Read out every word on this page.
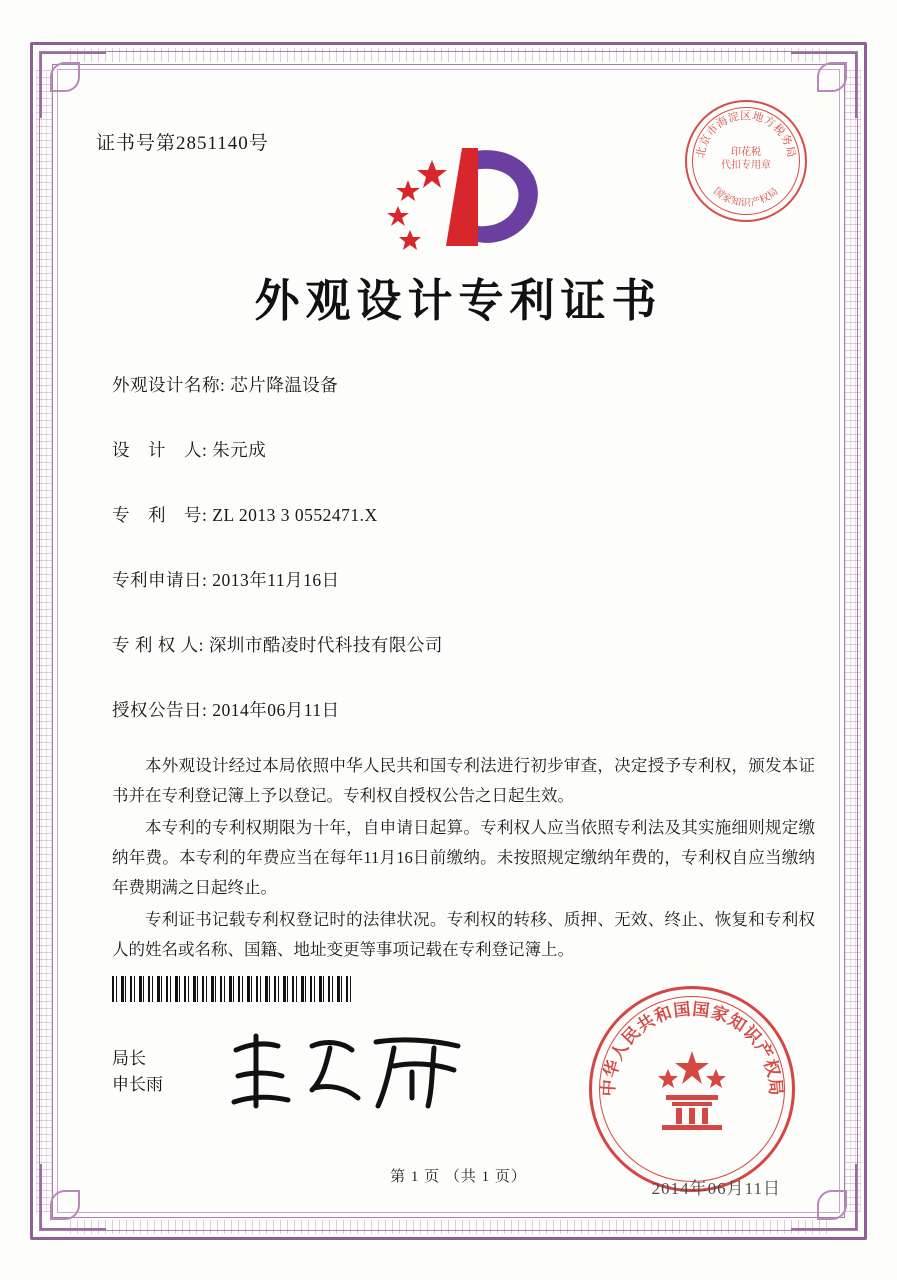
证书号第2851140号	北京市海淀区地方税务局
国家知识产权局
印花税
代扣专用章
外观设计专利证书
外观设计名称: 芯片降温设备
设　计　人: 朱元成
专　利　号: ZL 2013 3 0552471.X
专利申请日: 2013年11月16日
专 利 权 人: 深圳市酷凌时代科技有限公司
授权公告日: 2014年06月11日

本外观设计经过本局依照中华人民共和国专利法进行初步审查，决定授予专利权，颁发本证书并在专利登记簿上予以登记。专利权自授权公告之日起生效。

本专利的专利权期限为十年，自申请日起算。专利权人应当依照专利法及其实施细则规定缴纳年费。本专利的年费应当在每年11月16日前缴纳。未按照规定缴纳年费的，专利权自应当缴纳年费期满之日起终止。

专利证书记载专利权登记时的法律状况。专利权的转移、质押、无效、终止、恢复和专利权人的姓名或名称、国籍、地址变更等事项记载在专利登记簿上。

局长
申长雨	中华人民共和国国家知识产权局
2014年06月11日
第 1 页 （共 1 页）
